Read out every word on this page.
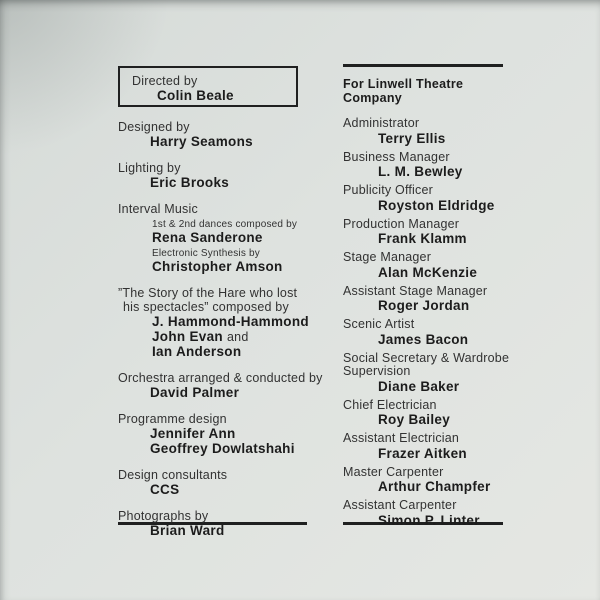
Directed by
Colin Beale
Designed by
Harry Seamons
Lighting by
Eric Brooks
Interval Music
1st & 2nd dances composed by
Rena Sanderone
Electronic Synthesis by
Christopher Amson
”The Story of the Hare who lost
his spectacles” composed by
J. Hammond-Hammond
John Evan and
Ian Anderson
Orchestra arranged & conducted by
David Palmer
Programme design
Jennifer Ann
Geoffrey Dowlatshahi
Design consultants
CCS
Photographs by
Brian Ward
For Linwell Theatre Company
Administrator
Terry Ellis
Business Manager
L. M. Bewley
Publicity Officer
Royston Eldridge
Production Manager
Frank Klamm
Stage Manager
Alan McKenzie
Assistant Stage Manager
Roger Jordan
Scenic Artist
James Bacon
Social Secretary & Wardrobe Supervision
Diane Baker
Chief Electrician
Roy Bailey
Assistant Electrician
Frazer Aitken
Master Carpenter
Arthur Champfer
Assistant Carpenter
Simon P. Linter
